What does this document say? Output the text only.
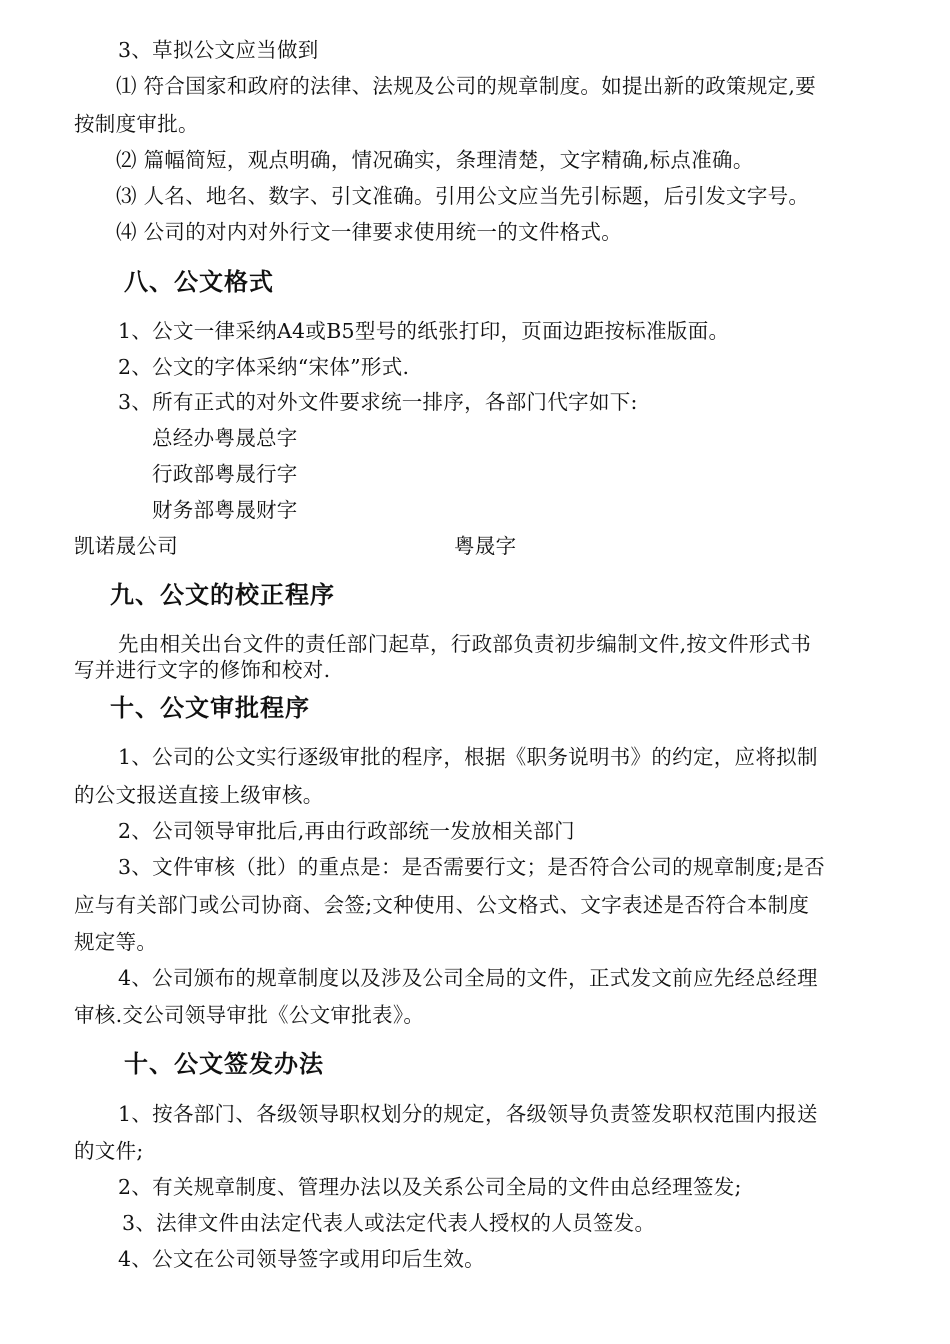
3、草拟公文应当做到
⑴ 符合国家和政府的法律、法规及公司的规章制度。如提出新的政策规定,要
按制度审批。
⑵ 篇幅简短，观点明确，情况确实，条理清楚，文字精确,标点准确。
⑶ 人名、地名、数字、引文准确。引用公文应当先引标题，后引发文字号。
⑷ 公司的对内对外行文一律要求使用统一的文件格式。
八、公文格式
1、公文一律采纳A4或B5型号的纸张打印，页面边距按标准版面。
2、公文的字体采纳“宋体”形式.
3、所有正式的对外文件要求统一排序，各部门代字如下:
总经办粤晟总字
行政部粤晟行字
财务部粤晟财字
凯诺晟公司	粤晟字
九、公文的校正程序
先由相关出台文件的责任部门起草，行政部负责初步编制文件,按文件形式书
写并进行文字的修饰和校对.
十、公文审批程序
1、公司的公文实行逐级审批的程序，根据《职务说明书》的约定，应将拟制
的公文报送直接上级审核。
2、公司领导审批后,再由行政部统一发放相关部门
3、文件审核（批）的重点是：是否需要行文；是否符合公司的规章制度;是否
应与有关部门或公司协商、会签;文种使用、公文格式、文字表述是否符合本制度
规定等。
4、公司颁布的规章制度以及涉及公司全局的文件，正式发文前应先经总经理
审核.交公司领导审批《公文审批表》。
十、公文签发办法
1、按各部门、各级领导职权划分的规定，各级领导负责签发职权范围内报送
的文件;
2、有关规章制度、管理办法以及关系公司全局的文件由总经理签发;
3、法律文件由法定代表人或法定代表人授权的人员签发。
4、公文在公司领导签字或用印后生效。
